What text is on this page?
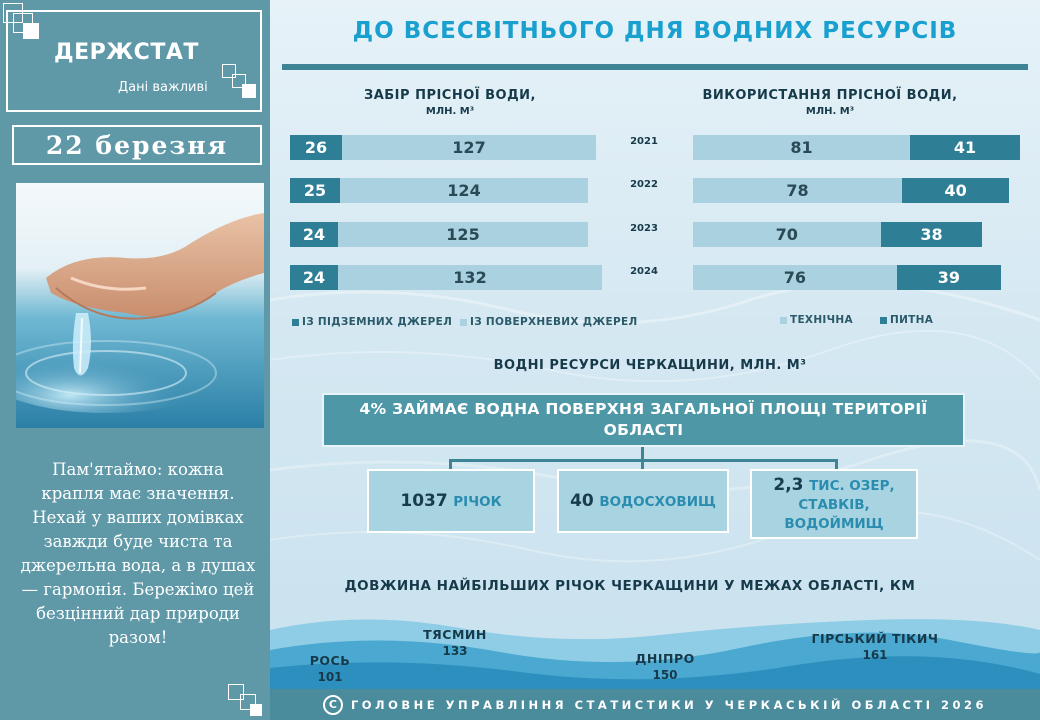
ДЕРЖСТАТ
Дані важливі
22 березня
Пам'ятаймо: кожна крапля має значення. Нехай у ваших домівках завжди буде чиста та джерельна вода, а в душах — гармонія. Бережімо цей безцінний дар природи разом!
ДО ВСЕСВІТНЬОГО ДНЯ ВОДНИХ РЕСУРСІВ
ЗАБІР ПРІСНОЇ ВОДИ,
МЛН. М³
ВИКОРИСТАННЯ ПРІСНОЇ ВОДИ,
МЛН. М³
26	127	2021
25	124	2022
24	125	2023
24	132	2024
81	41
78	40
70	38
76	39
ІЗ ПІДЗЕМНИХ ДЖЕРЕЛ ІЗ ПОВЕРХНЕВИХ ДЖЕРЕЛ	ТЕХНІЧНА	ПИТНА
ВОДНІ РЕСУРСИ ЧЕРКАЩИНИ, МЛН. М³
4% ЗАЙМАЄ ВОДНА ПОВЕРХНЯ ЗАГАЛЬНОЇ ПЛОЩІ ТЕРИТОРІЇ ОБЛАСТІ
1037 РІЧОК	40 ВОДОСХОВИЩ
2,3 ТИС. ОЗЕР, СТАВКІВ, ВОДОЙМИЩ
ДОВЖИНА НАЙБІЛЬШИХ РІЧОК ЧЕРКАЩИНИ У МЕЖАХ ОБЛАСТІ, КМ
РОСЬ
101
ТЯСМИН
133	ДНІПРО
150
ГІРСЬКИЙ ТІКИЧ
161
C	ГОЛОВНЕ УПРАВЛІННЯ СТАТИСТИКИ У ЧЕРКАСЬКІЙ ОБЛАСТІ 2026
